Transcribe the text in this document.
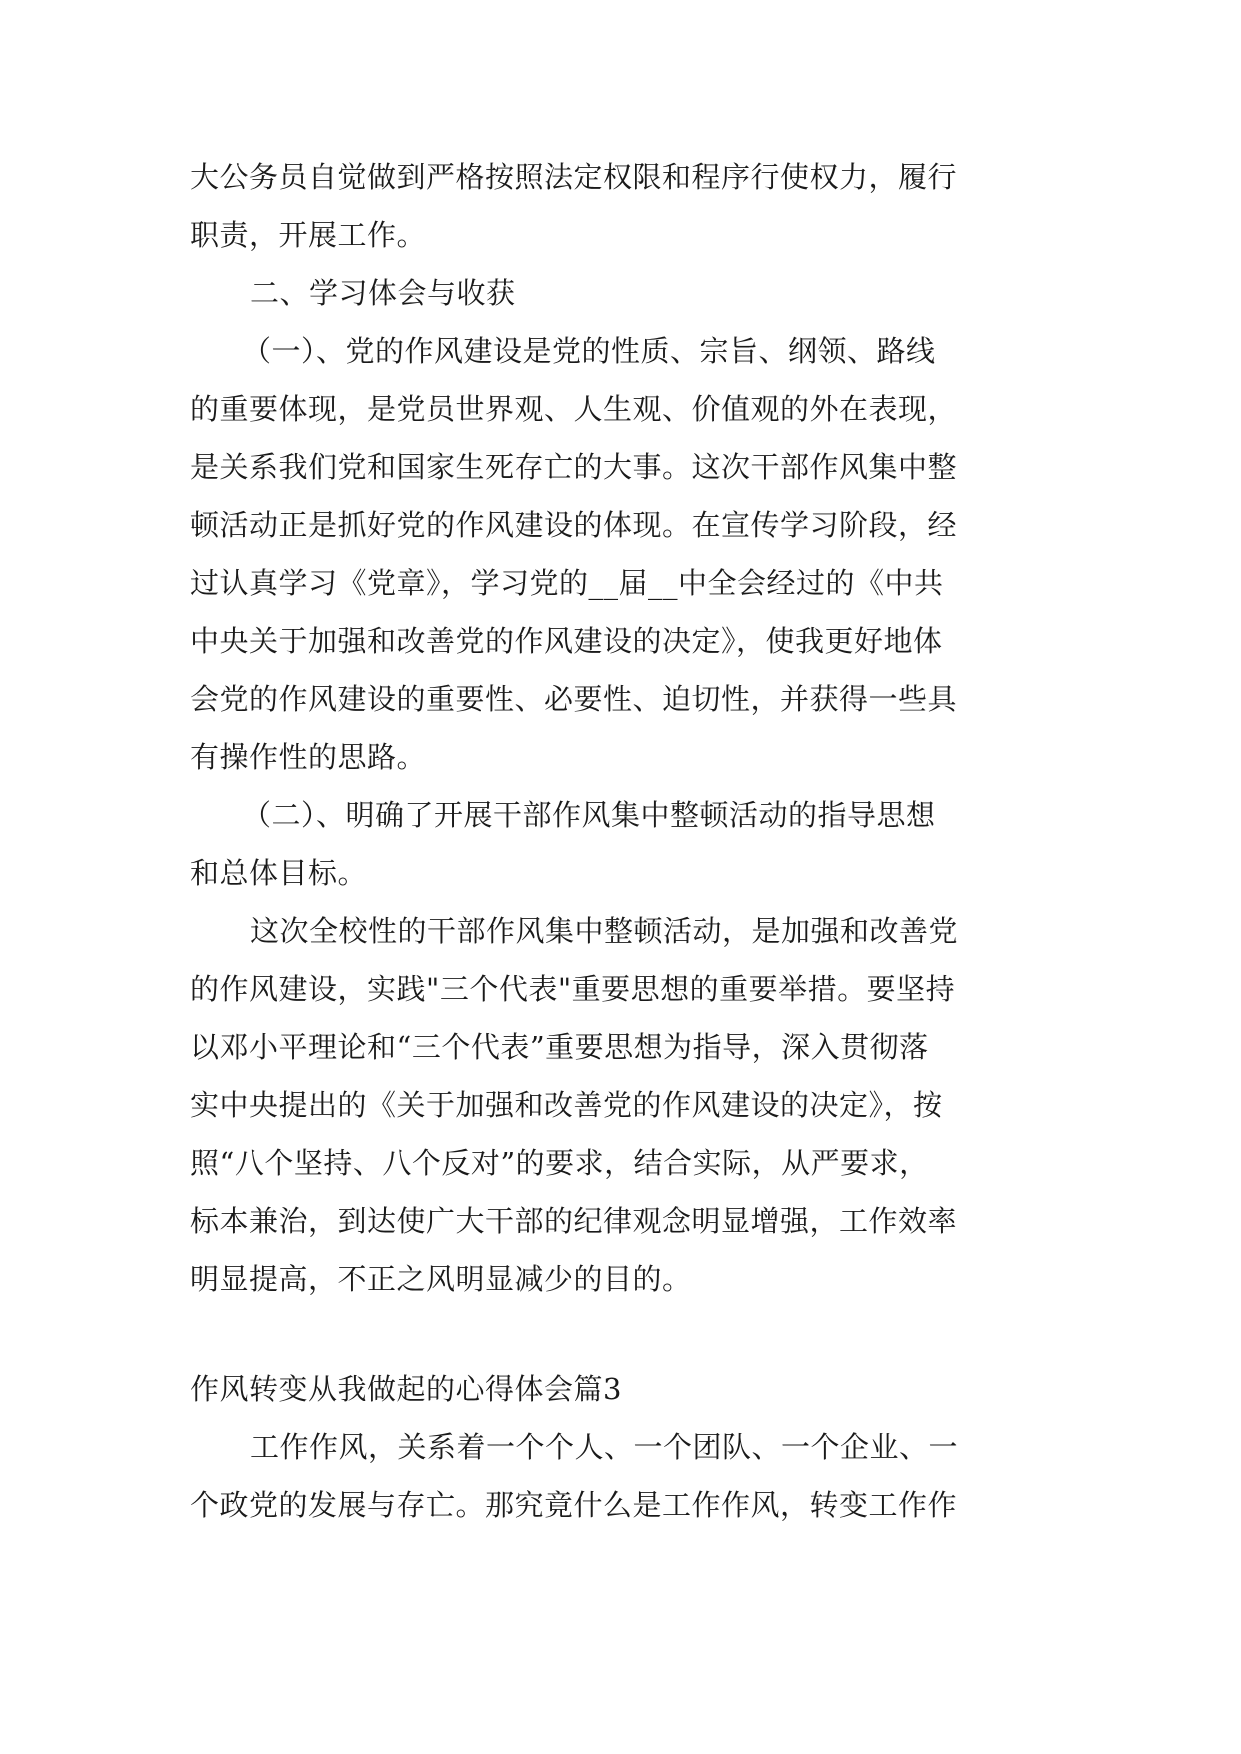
大公务员自觉做到严格按照法定权限和程序行使权力，履行
职责，开展工作。
二、学习体会与收获
（一）、党的作风建设是党的性质、宗旨、纲领、路线
的重要体现，是党员世界观、人生观、价值观的外在表现，
是关系我们党和国家生死存亡的大事。这次干部作风集中整
顿活动正是抓好党的作风建设的体现。在宣传学习阶段，经
过认真学习《党章》，学习党的__届__中全会经过的《中共
中央关于加强和改善党的作风建设的决定》，使我更好地体
会党的作风建设的重要性、必要性、迫切性，并获得一些具
有操作性的思路。
（二）、明确了开展干部作风集中整顿活动的指导思想
和总体目标。
这次全校性的干部作风集中整顿活动，是加强和改善党
的作风建设，实践"三个代表"重要思想的重要举措。要坚持
以邓小平理论和“三个代表”重要思想为指导，深入贯彻落
实中央提出的《关于加强和改善党的作风建设的决定》，按
照“八个坚持、八个反对”的要求，结合实际，从严要求，
标本兼治，到达使广大干部的纪律观念明显增强，工作效率
明显提高，不正之风明显减少的目的。
作风转变从我做起的心得体会篇3
工作作风，关系着一个个人、一个团队、一个企业、一
个政党的发展与存亡。那究竟什么是工作作风，转变工作作
